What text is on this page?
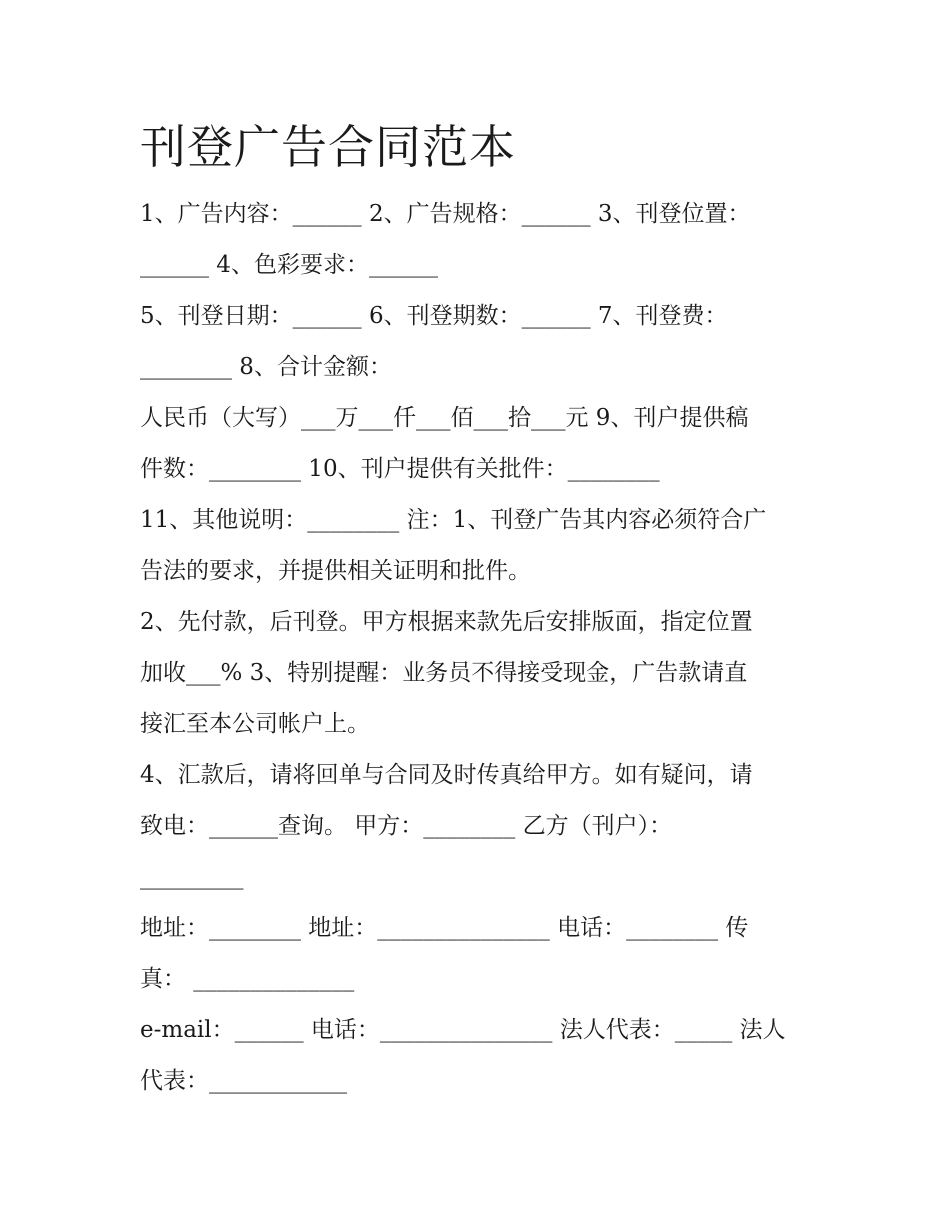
刊登广告合同范本

1、广告内容：______ 2、广告规格：______ 3、刊登位置：

______ 4、色彩要求：______

5、刊登日期：______ 6、刊登期数：______ 7、刊登费：

________ 8、合计金额：

人民币（大写）___万___仟___佰___拾___元 9、刊户提供稿

件数：________ 10、刊户提供有关批件：________

11、其他说明：________ 注：1、刊登广告其内容必须符合广

告法的要求，并提供相关证明和批件。

2、先付款，后刊登。甲方根据来款先后安排版面，指定位置

加收___% 3、特别提醒：业务员不得接受现金，广告款请直

接汇至本公司帐户上。

4、汇款后，请将回单与合同及时传真给甲方。如有疑问，请

致电：______查询。 甲方：________ 乙方（刊户）：

_________

地址：________ 地址：_______________ 电话：________ 传

真： ______________

e-mail：______ 电话：_______________ 法人代表：_____ 法人

代表：____________
